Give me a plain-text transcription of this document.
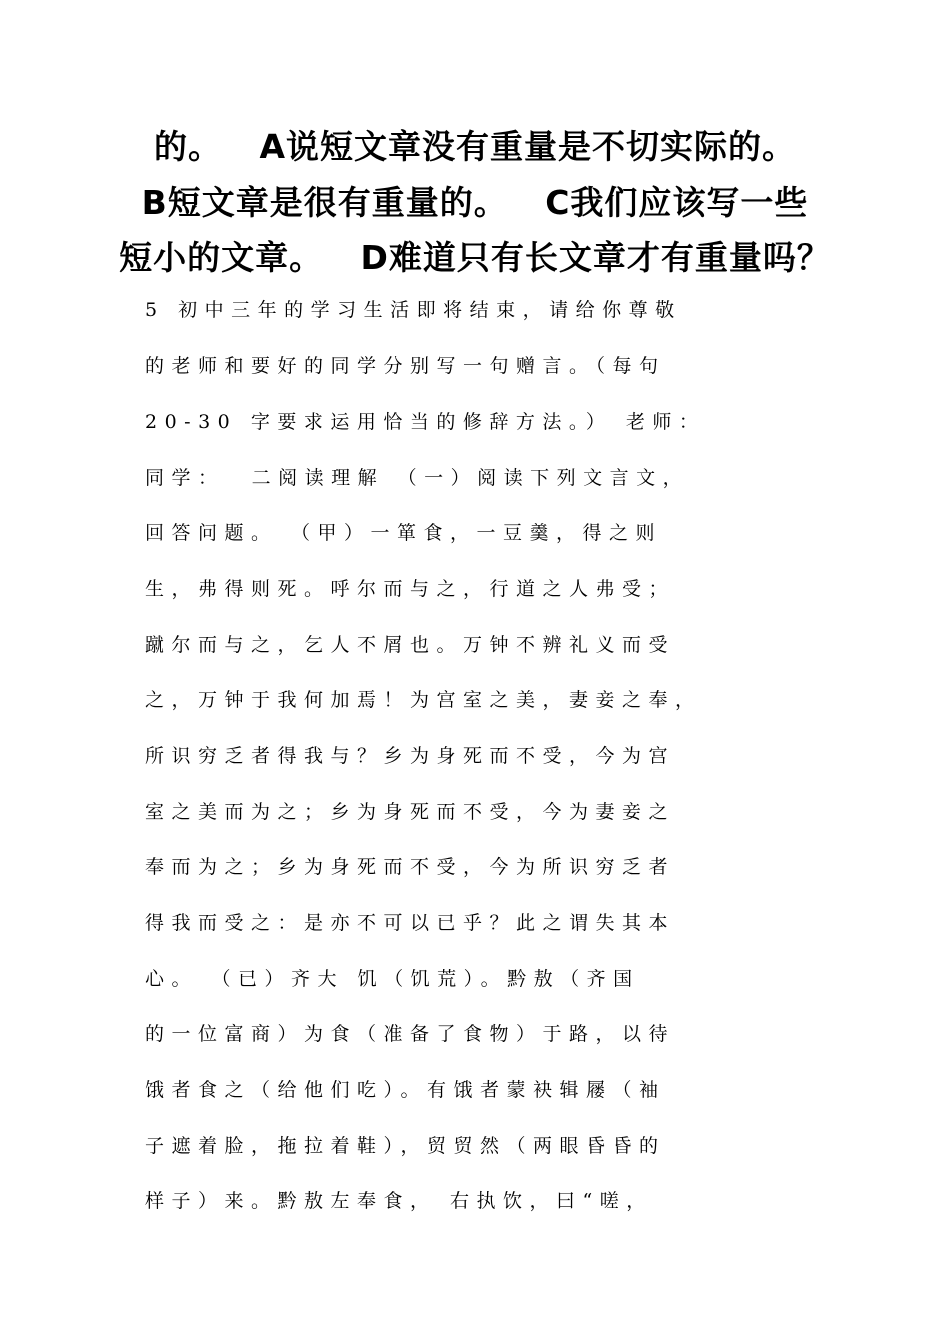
的。   A说短文章没有重量是不切实际的。
B短文章是很有重量的。   C我们应该写一些
短小的文章。   D难道只有长文章才有重量吗？
5 初中三年的学习生活即将结束，请给你尊敬
的老师和要好的同学分别写一句赠言。（每句
20-30 字要求运用恰当的修辞方法。） 老师：
同学：  二阅读理解 （一）阅读下列文言文，
回答问题。 （甲）一箪食，一豆羹，得之则
生，弗得则死。呼尔而与之，行道之人弗受；
蹴尔而与之，乞人不屑也。万钟不辨礼义而受
之，万钟于我何加焉！为宫室之美，妻妾之奉，
所识穷乏者得我与？乡为身死而不受，今为宫
室之美而为之；乡为身死而不受，今为妻妾之
奉而为之；乡为身死而不受，今为所识穷乏者
得我而受之：是亦不可以已乎？此之谓失其本
心。 （已）齐大 饥（饥荒）。黔敖（齐国
的一位富商）为食（准备了食物）于路，以待
饿者食之（给他们吃）。有饿者蒙袂辑屦（袖
子遮着脸，拖拉着鞋），贸贸然（两眼昏昏的
样子）来。黔敖左奉食， 右执饮，曰“嗟，
